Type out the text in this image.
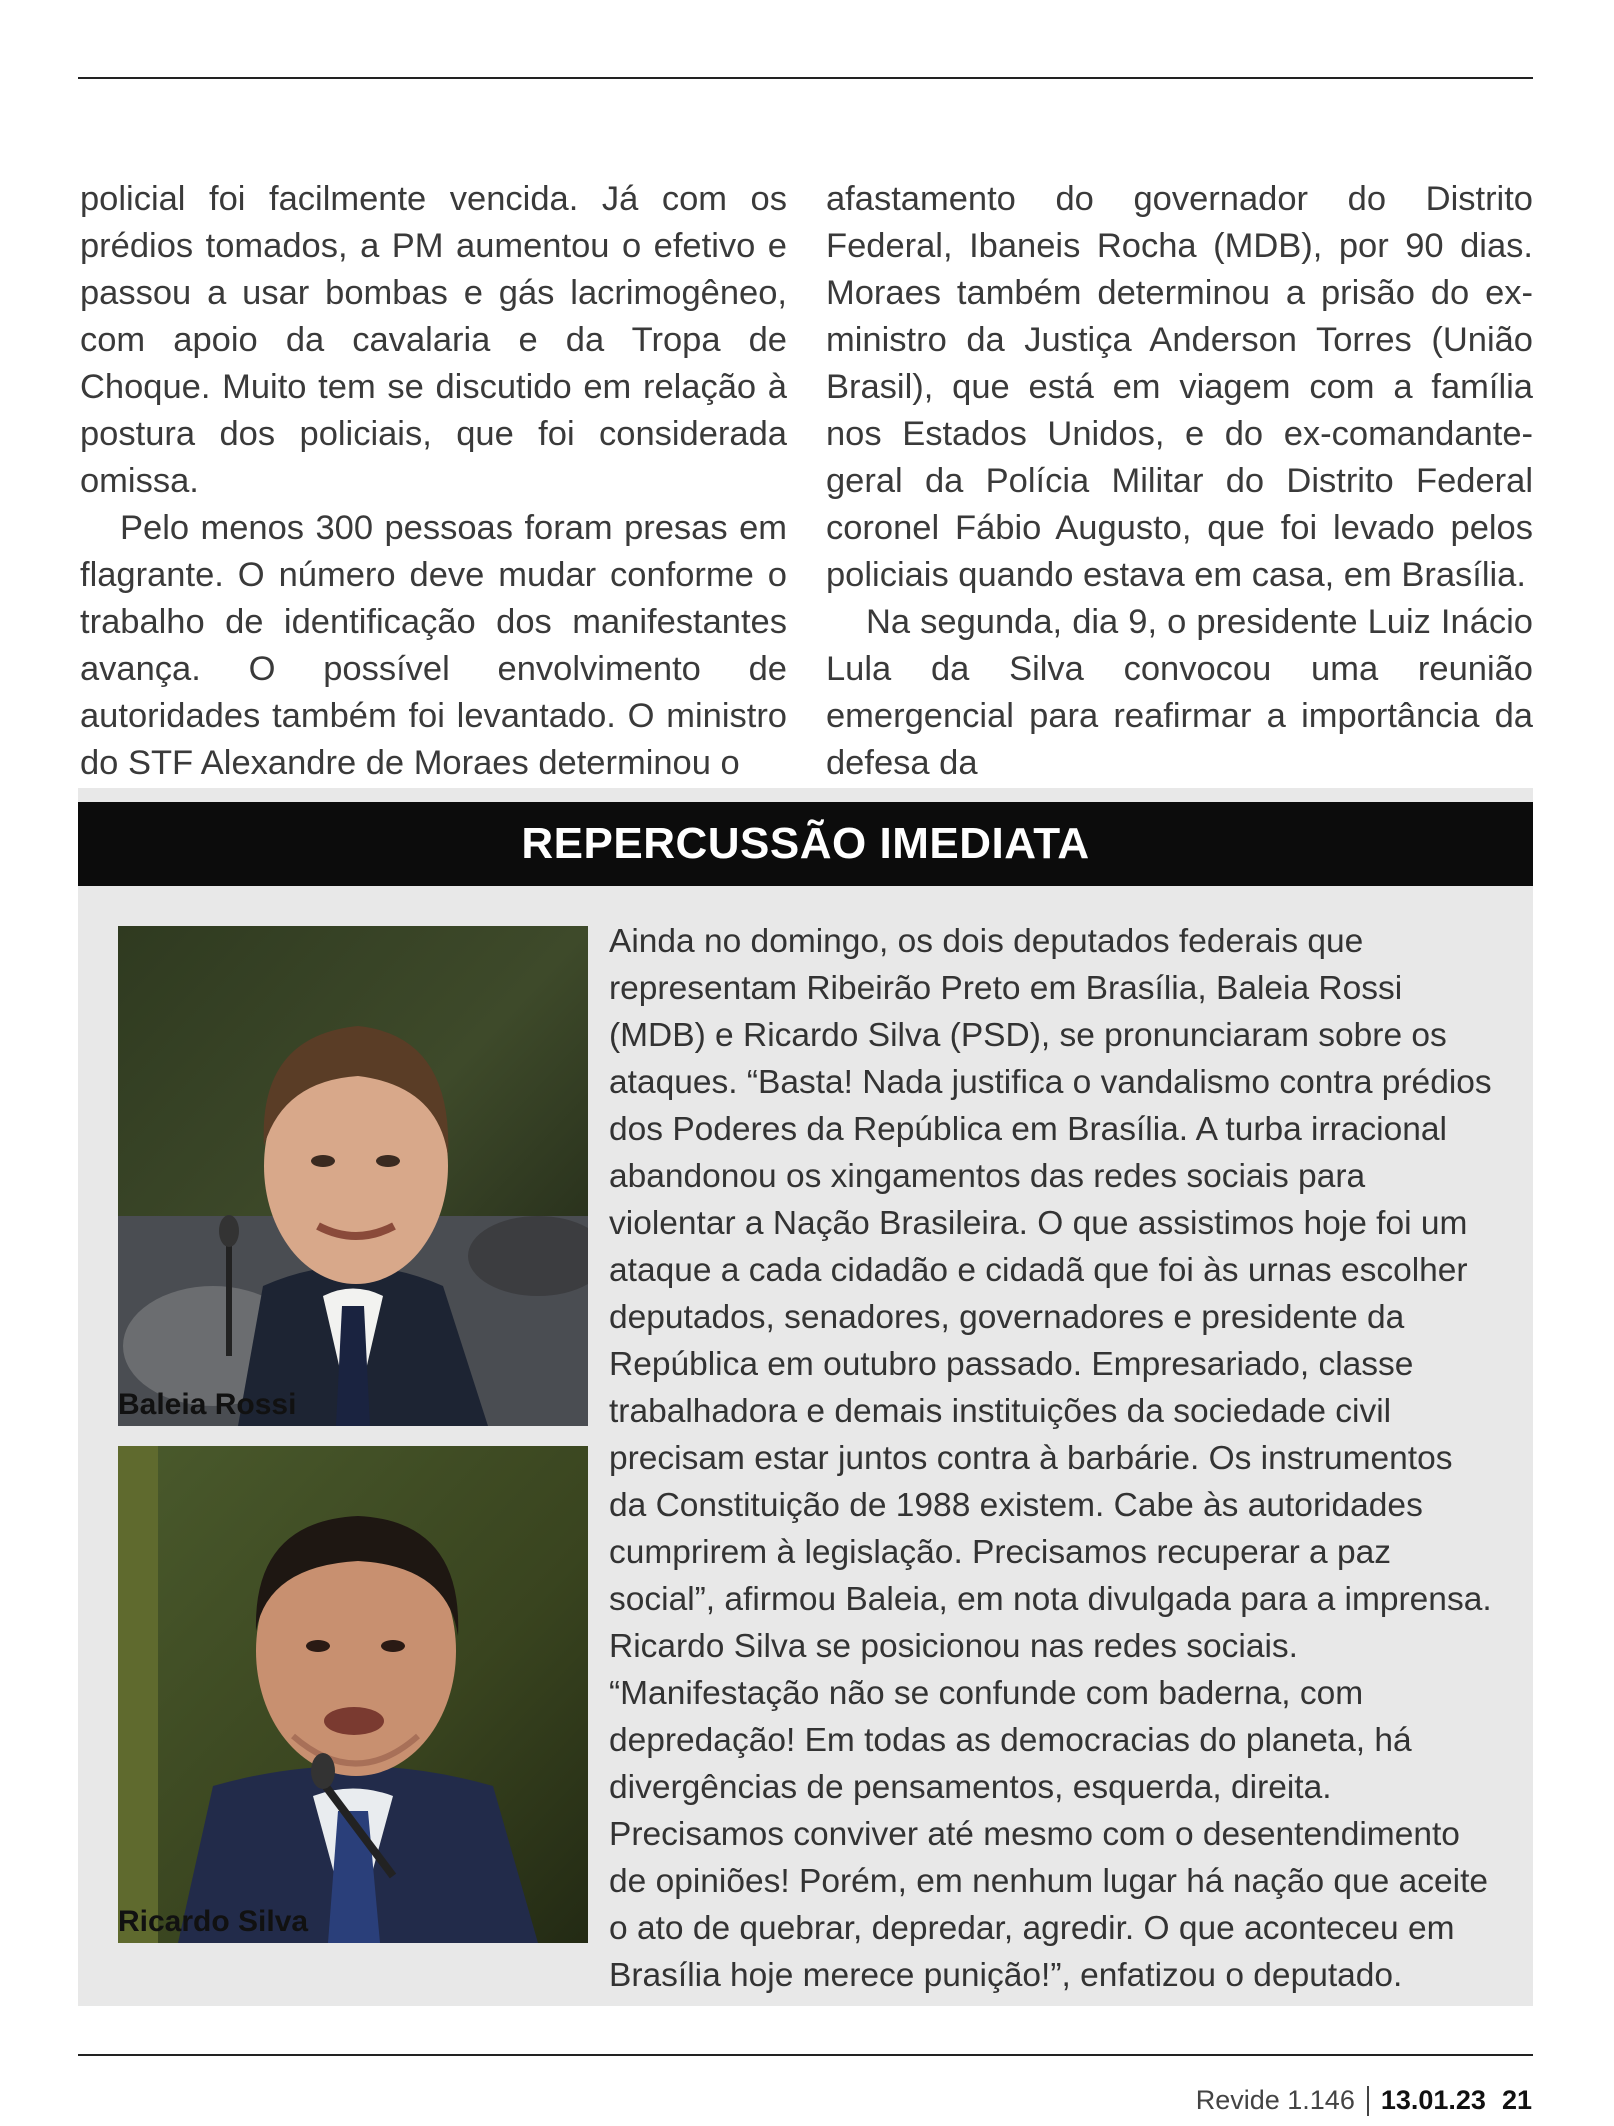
policial foi facilmente vencida. Já com os prédios tomados, a PM aumentou o efetivo e passou a usar bombas e gás lacrimogêneo, com apoio da cavalaria e da Tropa de Choque. Muito tem se discutido em relação à postura dos policiais, que foi considerada omissa.

Pelo menos 300 pessoas foram presas em flagrante. O número deve mudar conforme o trabalho de identificação dos manifestantes avança. O possível envolvimento de autoridades também foi levantado. O ministro do STF Alexandre de Moraes determinou o

afastamento do governador do Distrito Federal, Ibaneis Rocha (MDB), por 90 dias. Moraes também determinou a prisão do ex-ministro da Justiça Anderson Torres (União Brasil), que está em viagem com a família nos Estados Unidos, e do ex-comandante-geral da Polícia Militar do Distrito Federal coronel Fábio Augusto, que foi levado pelos policiais quando estava em casa, em Brasília.

Na segunda, dia 9, o presidente Luiz Inácio Lula da Silva convocou uma reunião emergencial para reafirmar a importância da defesa da

REPERCUSSÃO IMEDIATA
Baleia Rossi
Ricardo Silva
Ainda no domingo, os dois deputados federais que representam Ribeirão Preto em Brasília, Baleia Rossi (MDB) e Ricardo Silva (PSD), se pronunciaram sobre os ataques. “Basta! Nada justifica o vandalismo contra prédios dos Poderes da República em Brasília. A turba irracional abandonou os xingamentos das redes sociais para violentar a Nação Brasileira. O que assistimos hoje foi um ataque a cada cidadão e cidadã que foi às urnas escolher deputados, senadores, governadores e presidente da República em outubro passado. Empresariado, classe trabalhadora e demais instituições da sociedade civil precisam estar juntos contra à barbárie. Os instrumentos da Constituição de 1988 existem. Cabe às autoridades cumprirem à legislação. Precisamos recuperar a paz social”, afirmou Baleia, em nota divulgada para a imprensa. Ricardo Silva se posicionou nas redes sociais. “Manifestação não se confunde com baderna, com depredação! Em todas as democracias do planeta, há divergências de pensamentos, esquerda, direita. Precisamos conviver até mesmo com o desentendimento de opiniões! Porém, em nenhum lugar há nação que aceite o ato de quebrar, depredar, agredir. O que aconteceu em Brasília hoje merece punição!”, enfatizou o deputado.
Revide 1.146 13.01.23 21
